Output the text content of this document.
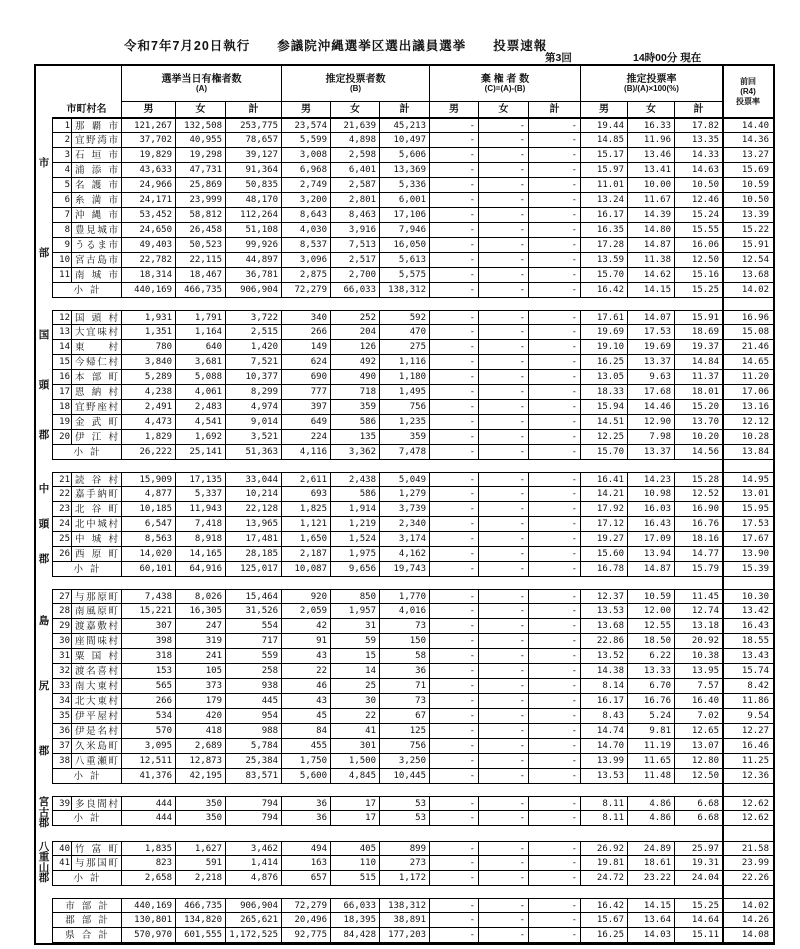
令和7年7月20日執行　　参議院沖縄選挙区選出議員選挙　　投票速報
第3回	14時00分 現在
市町村名
選挙当日有権者数
(A)
推定投票者数
(B)
棄 権 者 数
(C)=(A)-(B)
推定投票率
(B)/(A)×100(%)
前回
(R4)
投票率
男	女	計	男	女	計	男	女	計	男	女	計
市
部
1 那覇市	121,267	132,508	253,775	23,574	21,639	45,213	-	-	-	19.44	16.33	17.82	14.40
2 宜野湾市	37,702	40,955	78,657	5,599	4,898	10,497	-	-	-	14.85	11.96	13.35	14.36
3 石垣市	19,829	19,298	39,127	3,008	2,598	5,606	-	-	-	15.17	13.46	14.33	13.27
4 浦添市	43,633	47,731	91,364	6,968	6,401	13,369	-	-	-	15.97	13.41	14.63	15.69
5 名護市	24,966	25,869	50,835	2,749	2,587	5,336	-	-	-	11.01	10.00	10.50	10.59
6 糸満市	24,171	23,999	48,170	3,200	2,801	6,001	-	-	-	13.24	11.67	12.46	10.50
7 沖縄市	53,452	58,812	112,264	8,643	8,463	17,106	-	-	-	16.17	14.39	15.24	13.39
8 豊見城市	24,650	26,458	51,108	4,030	3,916	7,946	-	-	-	16.35	14.80	15.55	15.22
9 うるま市	49,403	50,523	99,926	8,537	7,513	16,050	-	-	-	17.28	14.87	16.06	15.91
10 宮古島市	22,782	22,115	44,897	3,096	2,517	5,613	-	-	-	13.59	11.38	12.50	12.54
11 南城市	18,314	18,467	36,781	2,875	2,700	5,575	-	-	-	15.70	14.62	15.16	13.68
小計	440,169	466,735	906,904	72,279	66,033	138,312	-	-	-	16.42	14.15	15.25	14.02
国
頭
郡
12 国頭村	1,931	1,791	3,722	340	252	592	-	-	-	17.61	14.07	15.91	16.96
13 大宜味村	1,351	1,164	2,515	266	204	470	-	-	-	19.69	17.53	18.69	15.08
14 東村	780	640	1,420	149	126	275	-	-	-	19.10	19.69	19.37	21.46
15 今帰仁村	3,840	3,681	7,521	624	492	1,116	-	-	-	16.25	13.37	14.84	14.65
16 本部町	5,289	5,088	10,377	690	490	1,180	-	-	-	13.05	9.63	11.37	11.20
17 恩納村	4,238	4,061	8,299	777	718	1,495	-	-	-	18.33	17.68	18.01	17.06
18 宜野座村	2,491	2,483	4,974	397	359	756	-	-	-	15.94	14.46	15.20	13.16
19 金武町	4,473	4,541	9,014	649	586	1,235	-	-	-	14.51	12.90	13.70	12.12
20 伊江村	1,829	1,692	3,521	224	135	359	-	-	-	12.25	7.98	10.20	10.28
小計	26,222	25,141	51,363	4,116	3,362	7,478	-	-	-	15.70	13.37	14.56	13.84
中
頭
郡
21 読谷村	15,909	17,135	33,044	2,611	2,438	5,049	-	-	-	16.41	14.23	15.28	14.95
22 嘉手納町	4,877	5,337	10,214	693	586	1,279	-	-	-	14.21	10.98	12.52	13.01
23 北谷町	10,185	11,943	22,128	1,825	1,914	3,739	-	-	-	17.92	16.03	16.90	15.95
24 北中城村	6,547	7,418	13,965	1,121	1,219	2,340	-	-	-	17.12	16.43	16.76	17.53
25 中城村	8,563	8,918	17,481	1,650	1,524	3,174	-	-	-	19.27	17.09	18.16	17.67
26 西原町	14,020	14,165	28,185	2,187	1,975	4,162	-	-	-	15.60	13.94	14.77	13.90
小計	60,101	64,916	125,017	10,087	9,656	19,743	-	-	-	16.78	14.87	15.79	15.39
島
尻
郡
27 与那原町	7,438	8,026	15,464	920	850	1,770	-	-	-	12.37	10.59	11.45	10.30
28 南風原町	15,221	16,305	31,526	2,059	1,957	4,016	-	-	-	13.53	12.00	12.74	13.42
29 渡嘉敷村	307	247	554	42	31	73	-	-	-	13.68	12.55	13.18	16.43
30 座間味村	398	319	717	91	59	150	-	-	-	22.86	18.50	20.92	18.55
31 粟国村	318	241	559	43	15	58	-	-	-	13.52	6.22	10.38	13.43
32 渡名喜村	153	105	258	22	14	36	-	-	-	14.38	13.33	13.95	15.74
33 南大東村	565	373	938	46	25	71	-	-	-	8.14	6.70	7.57	8.42
34 北大東村	266	179	445	43	30	73	-	-	-	16.17	16.76	16.40	11.86
35 伊平屋村	534	420	954	45	22	67	-	-	-	8.43	5.24	7.02	9.54
36 伊是名村	570	418	988	84	41	125	-	-	-	14.74	9.81	12.65	12.27
37 久米島町	3,095	2,689	5,784	455	301	756	-	-	-	14.70	11.19	13.07	16.46
38 八重瀬町	12,511	12,873	25,384	1,750	1,500	3,250	-	-	-	13.99	11.65	12.80	11.25
小計	41,376	42,195	83,571	5,600	4,845	10,445	-	-	-	13.53	11.48	12.50	12.36
宮
古
郡
39 多良間村	444	350	794	36	17	53	-	-	-	8.11	4.86	6.68	12.62
小計	444	350	794	36	17	53	-	-	-	8.11	4.86	6.68	12.62
八
重
山
郡
40 竹富町	1,835	1,627	3,462	494	405	899	-	-	-	26.92	24.89	25.97	21.58
41 与那国町	823	591	1,414	163	110	273	-	-	-	19.81	18.61	19.31	23.99
小計	2,658	2,218	4,876	657	515	1,172	-	-	-	24.72	23.22	24.04	22.26
市部計	440,169	466,735	906,904	72,279	66,033	138,312	-	-	-	16.42	14.15	15.25	14.02
郡部計	130,801	134,820	265,621	20,496	18,395	38,891	-	-	-	15.67	13.64	14.64	14.26
県合計	570,970	601,555 1,172,525	92,775	84,428	177,203	-	-	-	16.25	14.03	15.11	14.08
